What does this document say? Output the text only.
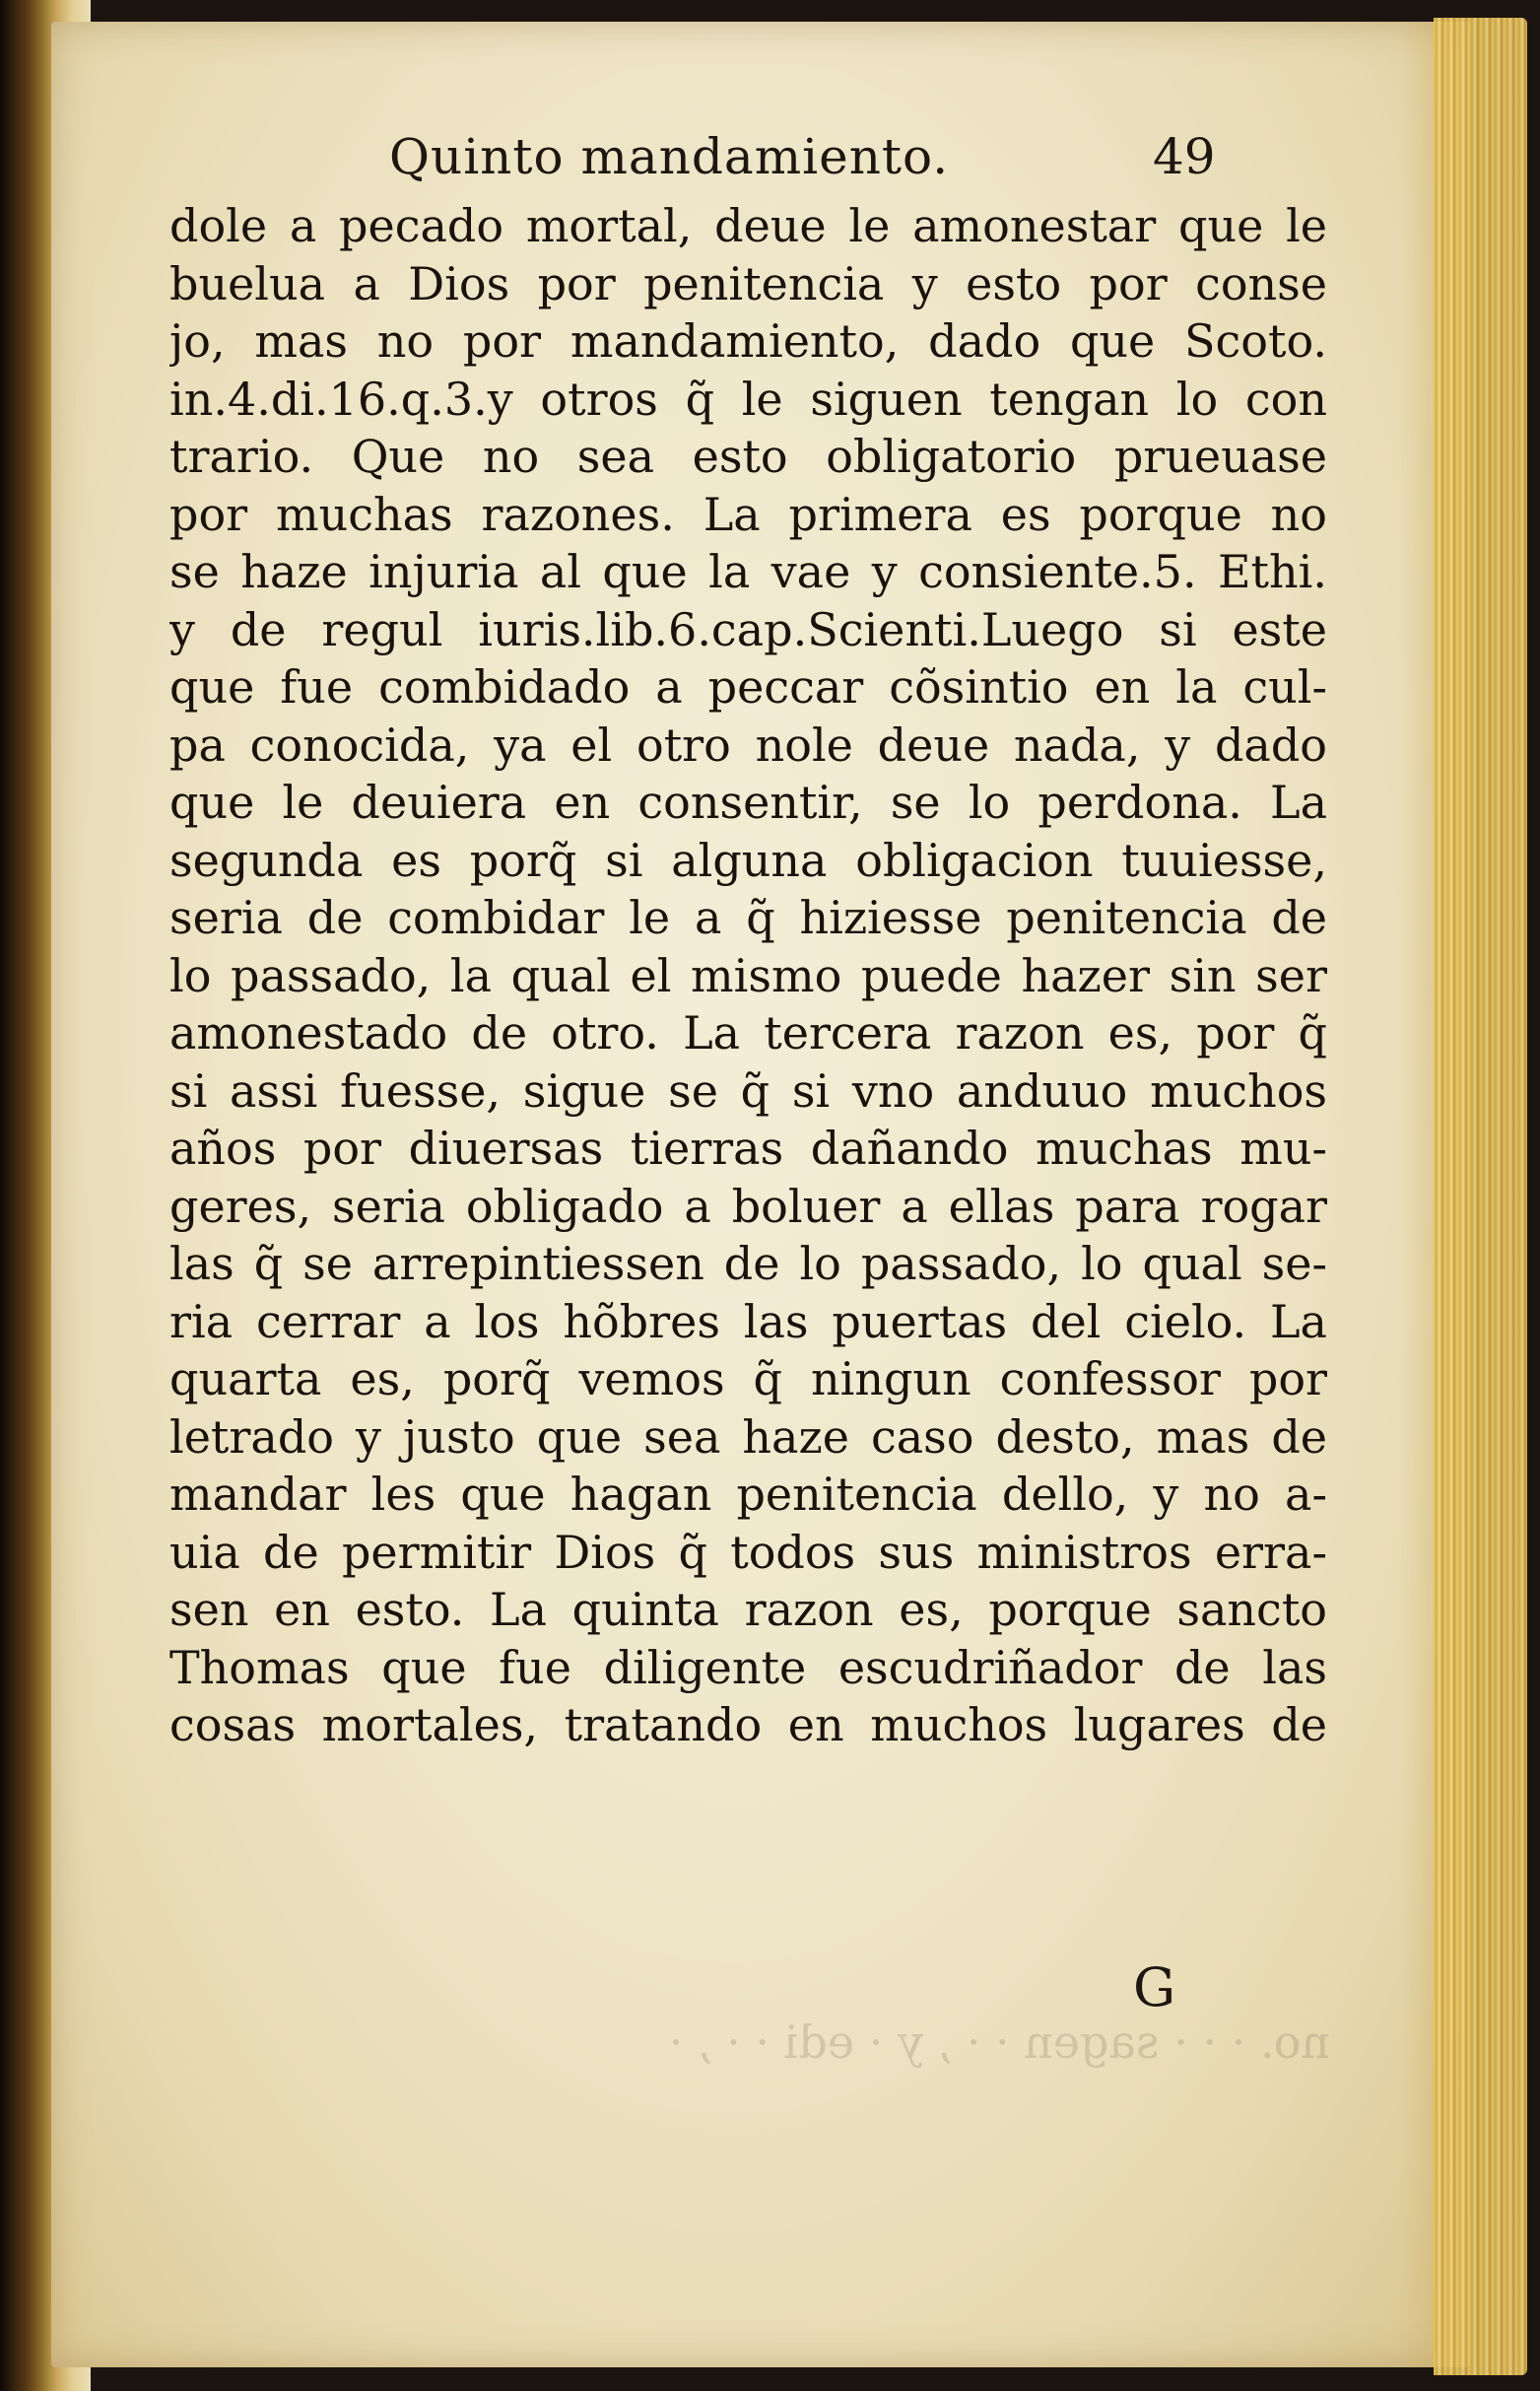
Quinto mandamiento.	49
dole a pecado mortal, deue le amonestar que le
buelua a Dios por penitencia y esto por conse
jo, mas no por mandamiento, dado que Scoto.
in.4.di.16.q.3.y otros q̃ le siguen tengan lo con
trario. Que no sea esto obligatorio prueuase
por muchas razones. La primera es porque no
se haze injuria al que la vae y consiente.5. Ethi.
y de regul iuris.lib.6.cap.Scienti.Luego si este
que fue combidado a peccar cõsintio en la cul-
pa conocida, ya el otro nole deue nada, y dado
que le deuiera en consentir, se lo perdona. La
segunda es porq̃ si alguna obligacion tuuiesse,
seria de combidar le a q̃ hiziesse penitencia de
lo passado, la qual el mismo puede hazer sin ser
amonestado de otro. La tercera razon es, por q̃
si assi fuesse, sigue se q̃ si vno anduuo muchos
años por diuersas tierras dañando muchas mu-
geres, seria obligado a boluer a ellas para rogar
las q̃ se arrepintiessen de lo passado, lo qual se-
ria cerrar a los hõbres las puertas del cielo. La
quarta es, porq̃ vemos q̃ ningun confessor por
letrado y justo que sea haze caso desto, mas de
mandar les que hagan penitencia dello, y no a-
uia de permitir Dios q̃ todos sus ministros erra-
sen en esto. La quinta razon es, porque sancto
Thomas que fue diligente escudriñador de las
cosas mortales, tratando en muchos lugares de
G
no. · · · sagen · · , y · edi · · , ·
